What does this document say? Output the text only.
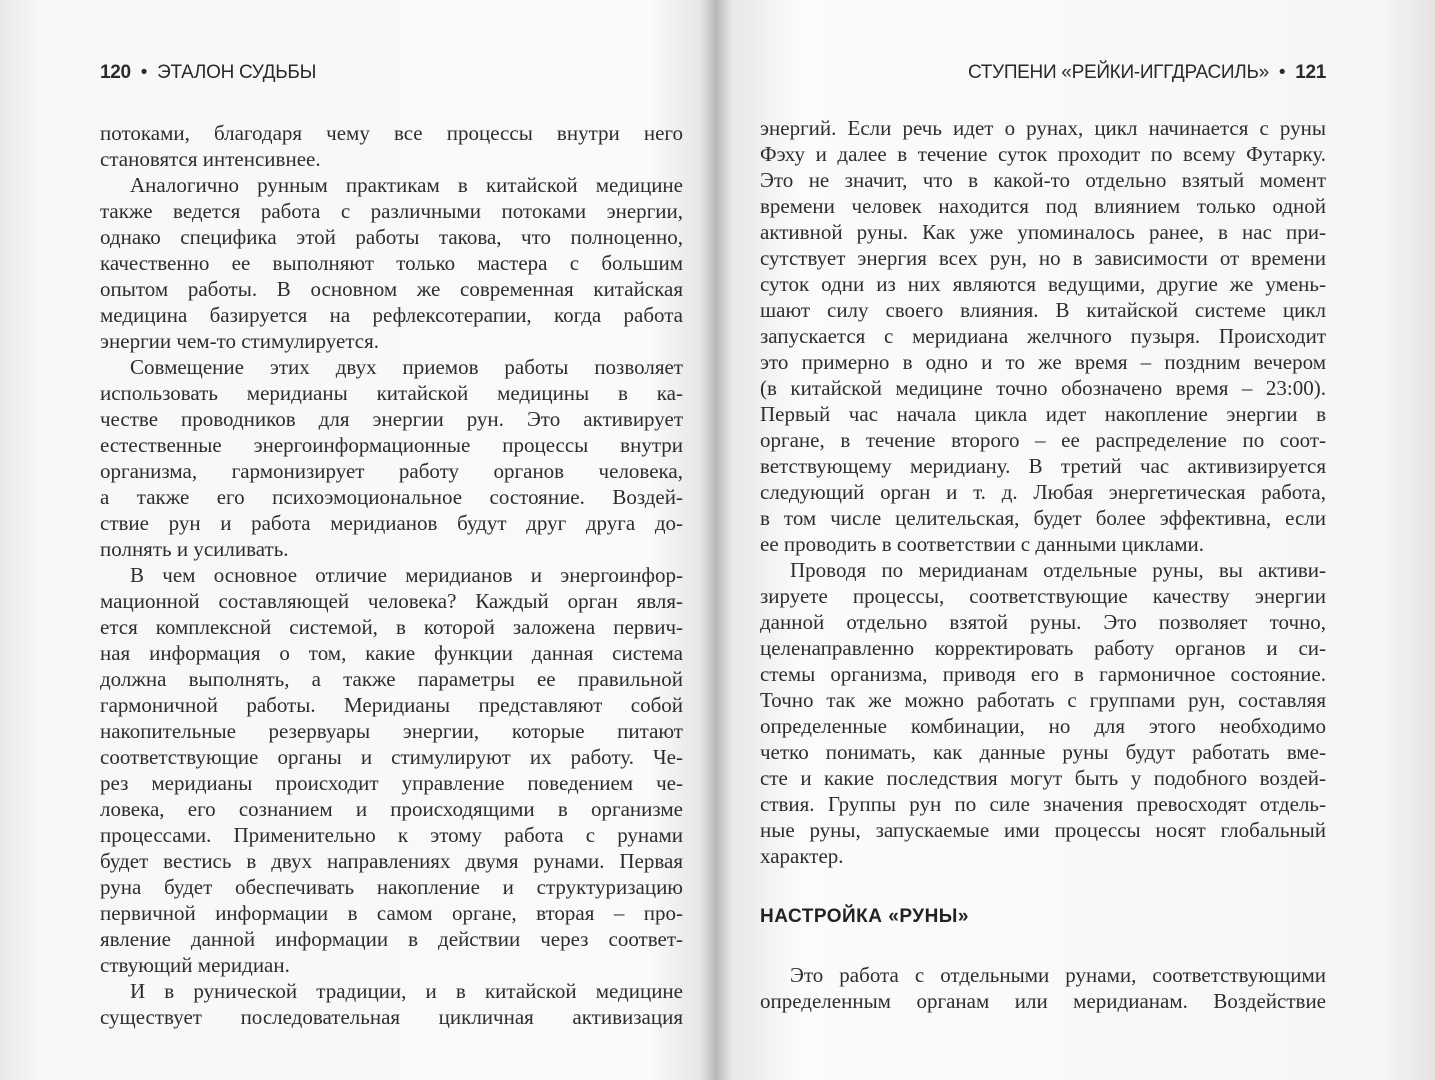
120  •  ЭТАЛОН СУДЬБЫ
потоками, благодаря чему все процессы внутри него
становятся интенсивнее.
Аналогично рунным практикам в китайской медицине
также ведется работа с различными потоками энергии,
однако специфика этой работы такова, что полноценно,
качественно ее выполняют только мастера с большим
опытом работы. В основном же современная китайская
медицина базируется на рефлексотерапии, когда работа
энергии чем-то стимулируется.
Совмещение этих двух приемов работы позволяет
использовать меридианы китайской медицины в ка-
честве проводников для энергии рун. Это активирует
естественные энергоинформационные процессы внутри
организма, гармонизирует работу органов человека,
а также его психоэмоциональное состояние. Воздей-
ствие рун и работа меридианов будут друг друга до-
полнять и усиливать.
В чем основное отличие меридианов и энергоинфор-
мационной составляющей человека? Каждый орган явля-
ется комплексной системой, в которой заложена первич-
ная информация о том, какие функции данная система
должна выполнять, а также параметры ее правильной
гармоничной работы. Меридианы представляют собой
накопительные резервуары энергии, которые питают
соответствующие органы и стимулируют их работу. Че-
рез меридианы происходит управление поведением че-
ловека, его сознанием и происходящими в организме
процессами. Применительно к этому работа с рунами
будет вестись в двух направлениях двумя рунами. Первая
руна будет обеспечивать накопление и структуризацию
первичной информации в самом органе, вторая – про-
явление данной информации в действии через соответ-
ствующий меридиан.
И в рунической традиции, и в китайской медицине
существует последовательная цикличная активизация
СТУПЕНИ «РЕЙКИ-ИГГДРАСИЛЬ»  •  121
энергий. Если речь идет о рунах, цикл начинается с руны
Фэху и далее в течение суток проходит по всему Футарку.
Это не значит, что в какой-то отдельно взятый момент
времени человек находится под влиянием только одной
активной руны. Как уже упоминалось ранее, в нас при-
сутствует энергия всех рун, но в зависимости от времени
суток одни из них являются ведущими, другие же умень-
шают силу своего влияния. В китайской системе цикл
запускается с меридиана желчного пузыря. Происходит
это примерно в одно и то же время – поздним вечером
(в китайской медицине точно обозначено время – 23:00).
Первый час начала цикла идет накопление энергии в
органе, в течение второго – ее распределение по соот-
ветствующему меридиану. В третий час активизируется
следующий орган и т. д. Любая энергетическая работа,
в том числе целительская, будет более эффективна, если
ее проводить в соответствии с данными циклами.
Проводя по меридианам отдельные руны, вы активи-
зируете процессы, соответствующие качеству энергии
данной отдельно взятой руны. Это позволяет точно,
целенаправленно корректировать работу органов и си-
стемы организма, приводя его в гармоничное состояние.
Точно так же можно работать с группами рун, составляя
определенные комбинации, но для этого необходимо
четко понимать, как данные руны будут работать вме-
сте и какие последствия могут быть у подобного воздей-
ствия. Группы рун по силе значения превосходят отдель-
ные руны, запускаемые ими процессы носят глобальный
характер.
НАСТРОЙКА «РУНЫ»
Это работа с отдельными рунами, соответствующими
определенным органам или меридианам. Воздействие
